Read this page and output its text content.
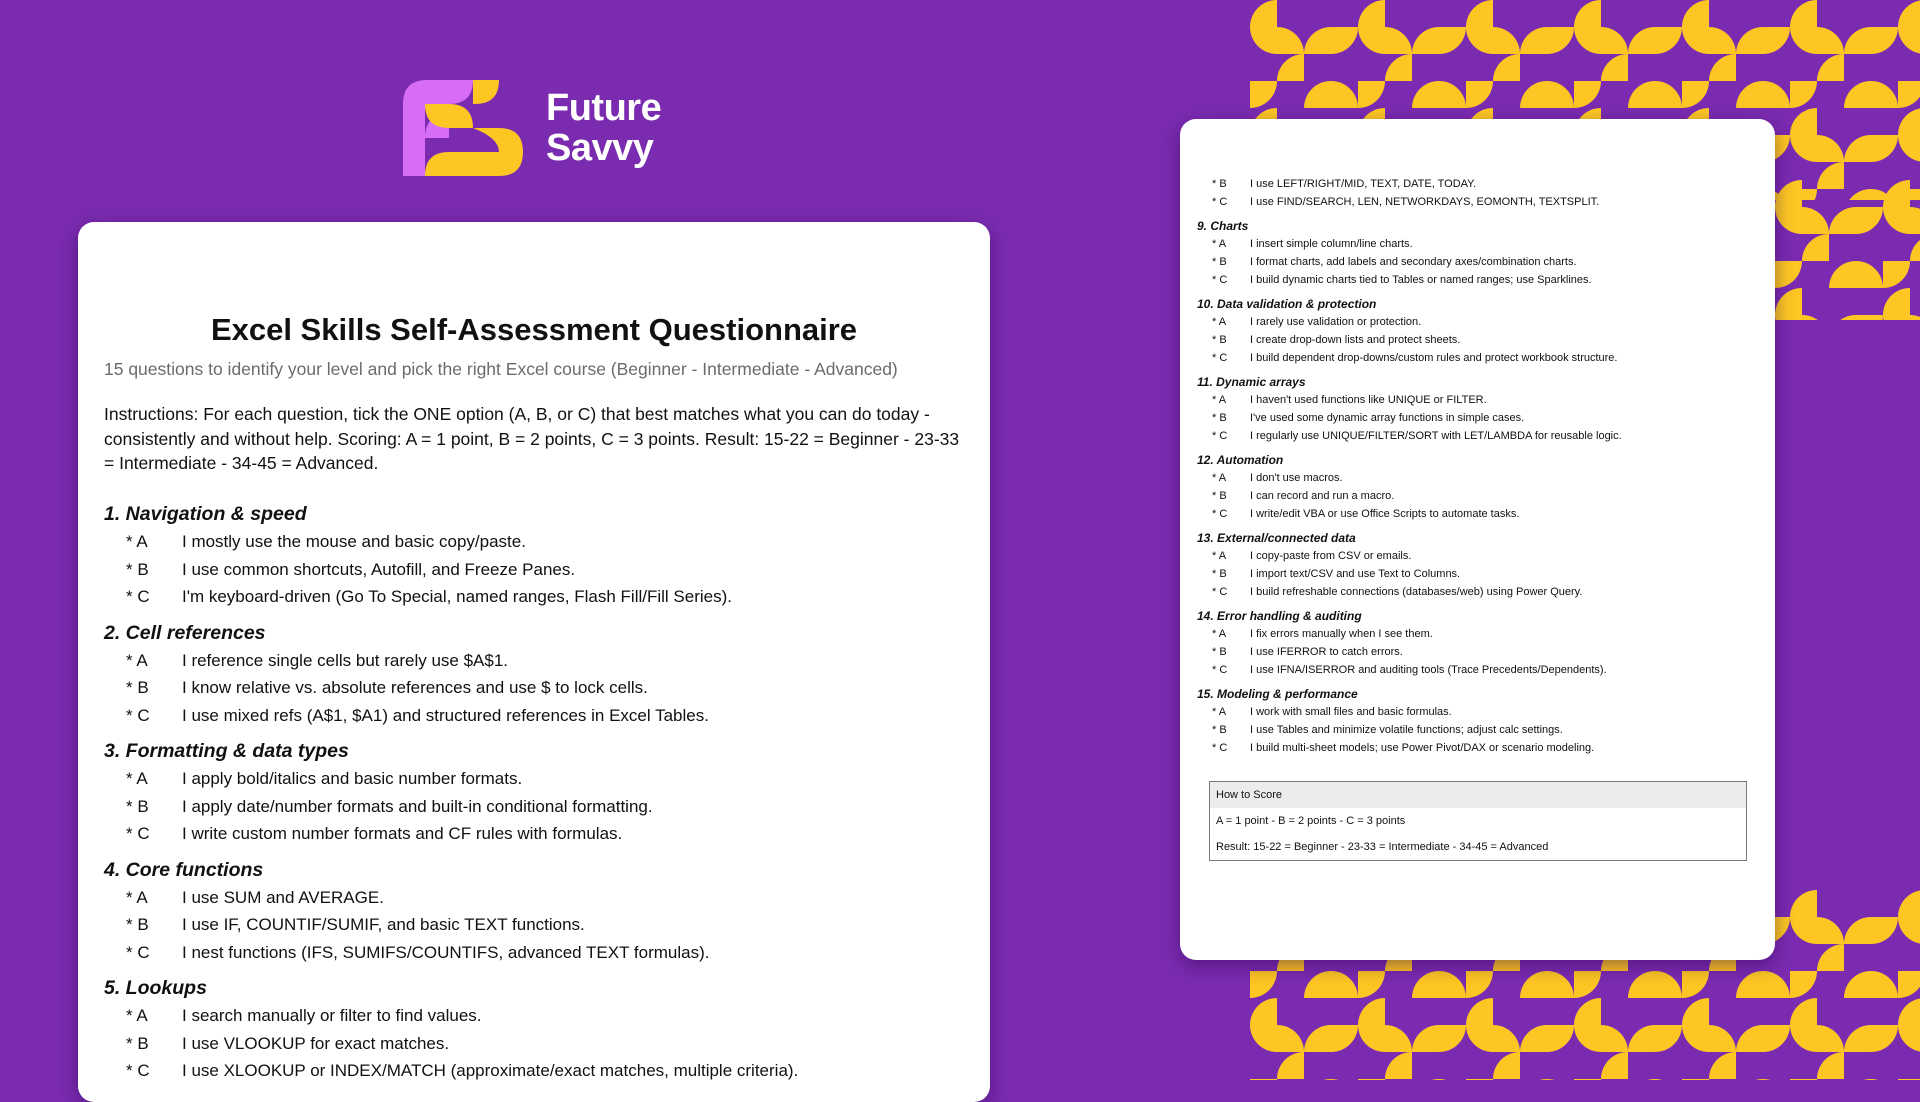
Future
Savvy
Excel Skills Self-Assessment Questionnaire
15 questions to identify your level and pick the right Excel course (Beginner - Intermediate - Advanced)
Instructions: For each question, tick the ONE option (A, B, or C) that best matches what you can do today - consistently and without help. Scoring: A = 1 point, B = 2 points, C = 3 points. Result: 15-22 = Beginner - 23-33 = Intermediate - 34-45 = Advanced.
1. Navigation & speed
* A	I mostly use the mouse and basic copy/paste.
* B	I use common shortcuts, Autofill, and Freeze Panes.
* C	I'm keyboard-driven (Go To Special, named ranges, Flash Fill/Fill Series).
2. Cell references
* A	I reference single cells but rarely use $A$1.
* B	I know relative vs. absolute references and use $ to lock cells.
* C	I use mixed refs (A$1, $A1) and structured references in Excel Tables.
3. Formatting & data types
* A	I apply bold/italics and basic number formats.
* B	I apply date/number formats and built-in conditional formatting.
* C	I write custom number formats and CF rules with formulas.
4. Core functions
* A	I use SUM and AVERAGE.
* B	I use IF, COUNTIF/SUMIF, and basic TEXT functions.
* C	I nest functions (IFS, SUMIFS/COUNTIFS, advanced TEXT formulas).
5. Lookups
* A	I search manually or filter to find values.
* B	I use VLOOKUP for exact matches.
* C	I use XLOOKUP or INDEX/MATCH (approximate/exact matches, multiple criteria).
* B	I use LEFT/RIGHT/MID, TEXT, DATE, TODAY.
* C	I use FIND/SEARCH, LEN, NETWORKDAYS, EOMONTH, TEXTSPLIT.
9. Charts
* A	I insert simple column/line charts.
* B	I format charts, add labels and secondary axes/combination charts.
* C	I build dynamic charts tied to Tables or named ranges; use Sparklines.
10. Data validation & protection
* A	I rarely use validation or protection.
* B	I create drop-down lists and protect sheets.
* C	I build dependent drop-downs/custom rules and protect workbook structure.
11. Dynamic arrays
* A	I haven't used functions like UNIQUE or FILTER.
* B	I've used some dynamic array functions in simple cases.
* C	I regularly use UNIQUE/FILTER/SORT with LET/LAMBDA for reusable logic.
12. Automation
* A	I don't use macros.
* B	I can record and run a macro.
* C	I write/edit VBA or use Office Scripts to automate tasks.
13. External/connected data
* A	I copy-paste from CSV or emails.
* B	I import text/CSV and use Text to Columns.
* C	I build refreshable connections (databases/web) using Power Query.
14. Error handling & auditing
* A	I fix errors manually when I see them.
* B	I use IFERROR to catch errors.
* C	I use IFNA/ISERROR and auditing tools (Trace Precedents/Dependents).
15. Modeling & performance
* A	I work with small files and basic formulas.
* B	I use Tables and minimize volatile functions; adjust calc settings.
* C	I build multi-sheet models; use Power Pivot/DAX or scenario modeling.
How to Score
A = 1 point - B = 2 points - C = 3 points
Result: 15-22 = Beginner - 23-33 = Intermediate - 34-45 = Advanced
